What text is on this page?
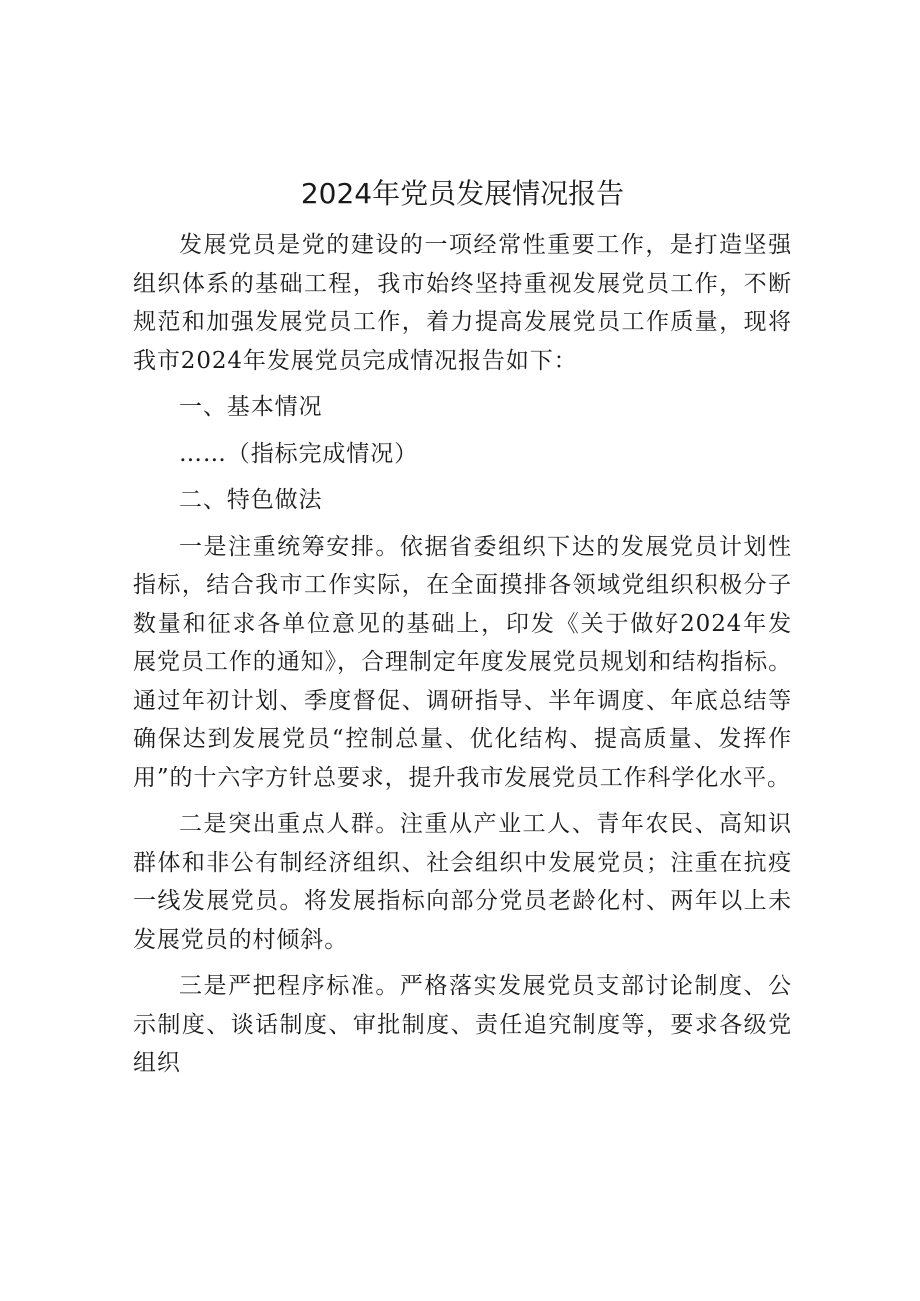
2024年党员发展情况报告

发展党员是党的建设的一项经常性重要工作，是打造坚强组织体系的基础工程，我市始终坚持重视发展党员工作，不断规范和加强发展党员工作，着力提高发展党员工作质量，现将我市2024年发展党员完成情况报告如下：

一、基本情况

……（指标完成情况）

二、特色做法

一是注重统筹安排。依据省委组织下达的发展党员计划性指标，结合我市工作实际，在全面摸排各领域党组织积极分子数量和征求各单位意见的基础上，印发《关于做好2024年发展党员工作的通知》，合理制定年度发展党员规划和结构指标。通过年初计划、季度督促、调研指导、半年调度、年底总结等确保达到发展党员“控制总量、优化结构、提高质量、发挥作用”的十六字方针总要求，提升我市发展党员工作科学化水平。

二是突出重点人群。注重从产业工人、青年农民、高知识群体和非公有制经济组织、社会组织中发展党员；注重在抗疫一线发展党员。将发展指标向部分党员老龄化村、两年以上未发展党员的村倾斜。

三是严把程序标准。严格落实发展党员支部讨论制度、公示制度、谈话制度、审批制度、责任追究制度等，要求各级党组织
